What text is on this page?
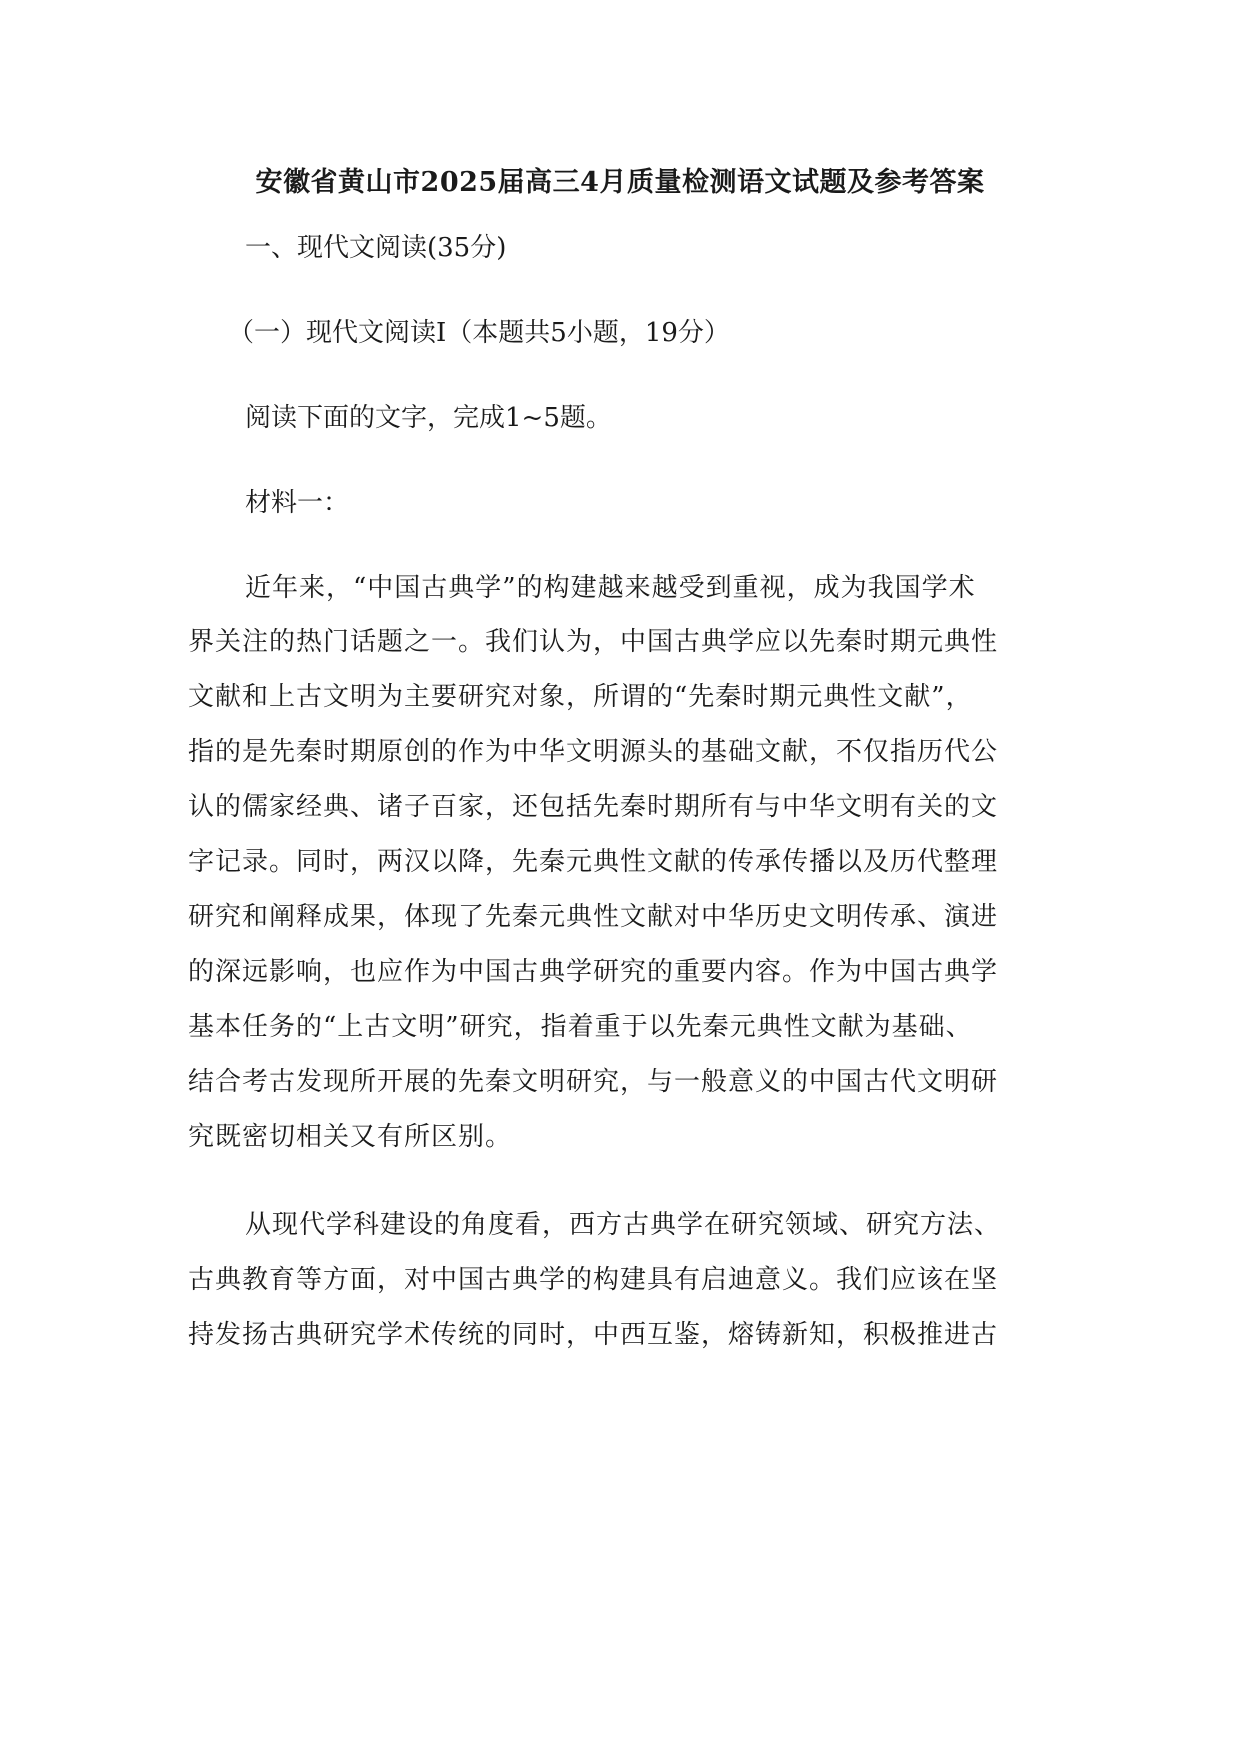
安徽省黄山市2025届高三4月质量检测语文试题及参考答案
一、现代文阅读(35分)
（一）现代文阅读Ⅰ（本题共5小题，19分）
阅读下面的文字，完成1~5题。
材料一：
近年来，“中国古典学”的构建越来越受到重视，成为我国学术
界关注的热门话题之一。我们认为，中国古典学应以先秦时期元典性
文献和上古文明为主要研究对象，所谓的“先秦时期元典性文献”，
指的是先秦时期原创的作为中华文明源头的基础文献，不仅指历代公
认的儒家经典、诸子百家，还包括先秦时期所有与中华文明有关的文
字记录。同时，两汉以降，先秦元典性文献的传承传播以及历代整理
研究和阐释成果，体现了先秦元典性文献对中华历史文明传承、演进
的深远影响，也应作为中国古典学研究的重要内容。作为中国古典学
基本任务的“上古文明”研究，指着重于以先秦元典性文献为基础、
结合考古发现所开展的先秦文明研究，与一般意义的中国古代文明研
究既密切相关又有所区别。
从现代学科建设的角度看，西方古典学在研究领域、研究方法、
古典教育等方面，对中国古典学的构建具有启迪意义。我们应该在坚
持发扬古典研究学术传统的同时，中西互鉴，熔铸新知，积极推进古
